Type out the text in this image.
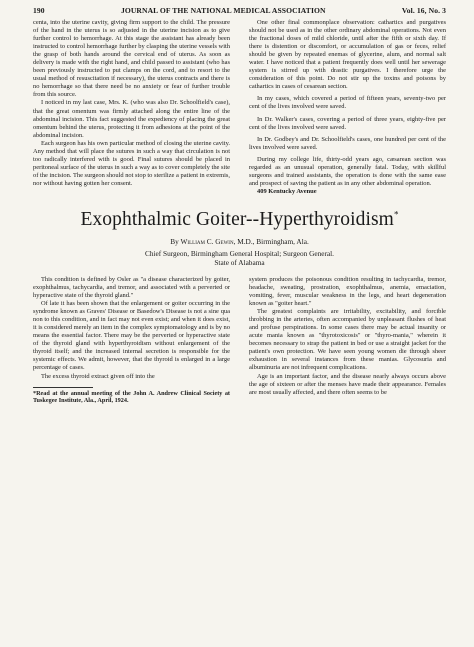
190	JOURNAL OF THE NATIONAL MEDICAL ASSOCIATION	Vol. 16, No. 3

centa, into the uterine cavity, giving firm support to the child. The pressure of the hand in the uterus is so adjusted in the uterine incision as to give further control to hemorrhage. At this stage the assistant has already been instructed to control hemorrhage further by clasping the uterine vessels with the grasp of both hands around the cervical end of uterus. As soon as delivery is made with the right hand, and child passed to assistant (who has been previously instructed to put clamps on the cord, and to resort to the usual method of resuscitation if necessary), the uterus contracts and there is no hemorrhage so that there need be no anxiety or fear of further trouble from this source.

I noticed in my last case, Mrs. K. (who was also Dr. Schoolfield's case), that the great omentum was firmly attached along the entire line of the abdominal incision. This fact suggested the expediency of placing the great omentum behind the uterus, protecting it from adhesions at the point of the abdominal incision.

Each surgeon has his own particular method of closing the uterine cavity. Any method that will place the sutures in such a way that circulation is not too radically interfered with is good. Final sutures should be placed in peritoneal surface of the uterus in such a way as to cover completely the site of the incision. The surgeon should not stop to sterilize a patient in extremis, nor without having gotten her consent.

One other final commonplace observation: cathartics and purgatives should not be used as in the other ordinary abdominal operations. Not even the fractional doses of mild chloride, until after the fifth or sixth day. If there is distention or discomfort, or accumulation of gas or feces, relief should be given by repeated enemas of glycerine, alum, and normal salt water. I have noticed that a patient frequently does well until her sewerage system is stirred up with drastic purgatives. I therefore urge the consideration of this point. Do not stir up the toxins and poisons by cathartics in cases of cesarean section.

In my cases, which covered a period of fifteen years, seventy-two per cent of the lives involved were saved.

In Dr. Walker's cases, covering a period of three years, eighty-five per cent of the lives involved were saved.

In Dr. Godbey's and Dr. Schoolfield's cases, one hundred per cent of the lives involved were saved.

During my college life, thirty-odd years ago, cæsarean section was regarded as an unusual operation, generally fatal. Today, with skillful surgeons and trained assistants, the operation is done with the same ease and prospect of saving the patient as in any other abdominal operation.

409 Kentucky Avenue

Exophthalmic Goiter--Hyperthyroidism*
By William C. Gewin, M.D., Birmingham, Ala.
Chief Surgeon, Birmingham General Hospital; Surgeon General.
State of Alabama

This condition is defined by Osler as "a disease characterized by goiter, exophthalmus, tachycardia, and tremor, and associated with a perverted or hyperactive state of the thyroid gland."

Of late it has been shown that the enlargement or goiter occurring in the syndrome known as Graves' Disease or Basedow's Disease is not a sine qua non to this condition, and in fact may not even exist; and when it does exist, it is considered merely an item in the complex symptomatology and is by no means the essential factor. There may be the perverted or hyperactive state of the thyroid gland with hyperthyroidism without enlargement of the thyroid itself; and the increased internal secretion is responsible for the systemic effects. We admit, however, that the thyroid is enlarged in a large percentage of cases.

The excess thyroid extract given off into the

*Read at the annual meeting of the John A. Andrew Clinical Society at Tuskegee Institute, Ala., April, 1924.

system produces the poisonous condition resulting in tachycardia, tremor, headache, sweating, prostration, exophthalmus, anemia, emaciation, vomiting, fever, muscular weakness in the legs, and heart degeneration known as "goiter heart."

The greatest complaints are irritability, excitability, and forcible throbbing in the arteries, often accompanied by unpleasant flushes of heat and profuse perspirations. In some cases there may be actual insanity or acute mania known as "thyrotoxicosis" or "thyro-mania," wherein it becomes necessary to strap the patient in bed or use a straight jacket for the patient's own protection. We have seen young women die through sheer exhaustion in several instances from these manias. Glycosuria and albuminuria are not infrequent complications.

Age is an important factor, and the disease nearly always occurs above the age of sixteen or after the menses have made their appearance. Females are most usually affected, and there often seems to be
